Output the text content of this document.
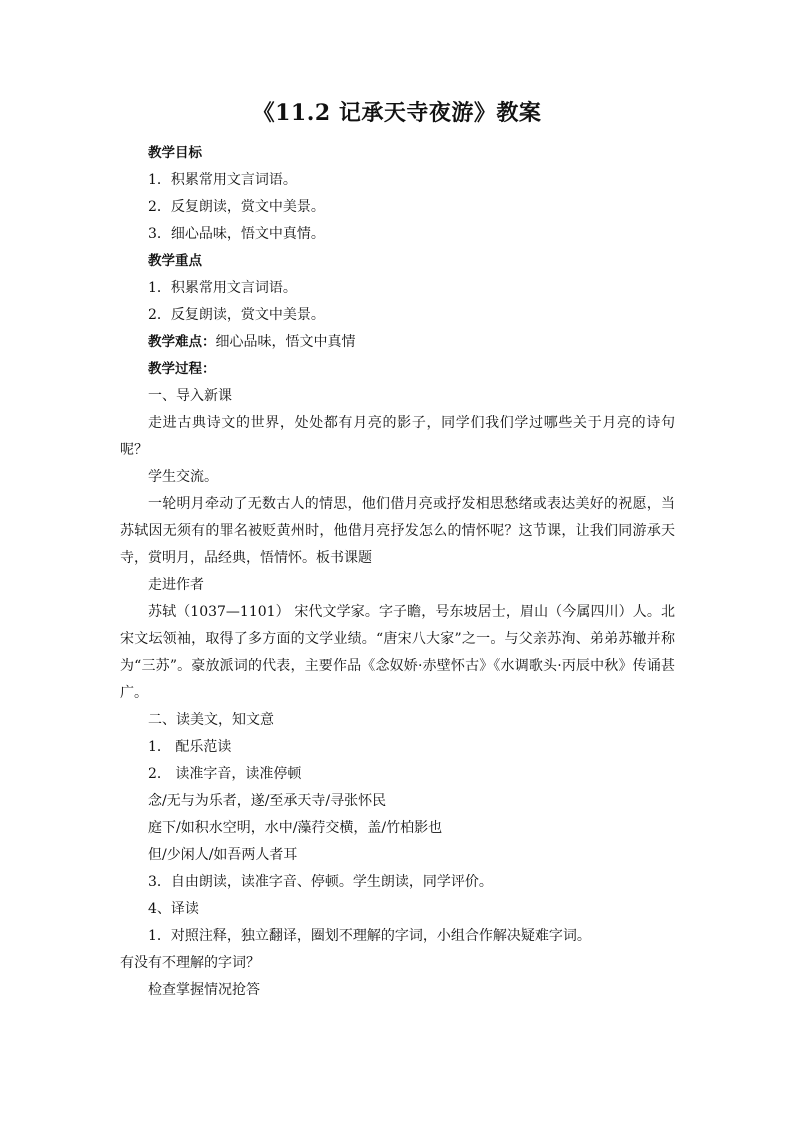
《11.2 记承天寺夜游》教案

教学目标

1．积累常用文言词语。

2．反复朗读，赏文中美景。

3．细心品味，悟文中真情。

教学重点

1．积累常用文言词语。

2．反复朗读，赏文中美景。

教学难点：细心品味，悟文中真情

教学过程：

一、导入新课

走进古典诗文的世界，处处都有月亮的影子，同学们我们学过哪些关于月亮的诗句呢？

学生交流。

一轮明月牵动了无数古人的情思，他们借月亮或抒发相思愁绪或表达美好的祝愿，当苏轼因无须有的罪名被贬黄州时，他借月亮抒发怎么的情怀呢？这节课，让我们同游承天寺，赏明月，品经典，悟情怀。板书课题

走进作者

苏轼（1037—1101） 宋代文学家。字子瞻，号东坡居士，眉山（今属四川）人。北宋文坛领袖，取得了多方面的文学业绩。“唐宋八大家”之一。与父亲苏洵、弟弟苏辙并称为“三苏”。豪放派词的代表，主要作品《念奴娇·赤壁怀古》《水调歌头·丙辰中秋》传诵甚广。

二、读美文，知文意

1． 配乐范读

2． 读准字音，读准停顿

念/无与为乐者，遂/至承天寺/寻张怀民

庭下/如积水空明，水中/藻荇交横，盖/竹柏影也

但/少闲人/如吾两人者耳

3．自由朗读，读准字音、停顿。学生朗读，同学评价。

4、译读

1．对照注释，独立翻译，圈划不理解的字词，小组合作解决疑难字词。

有没有不理解的字词？

检查掌握情况抢答
